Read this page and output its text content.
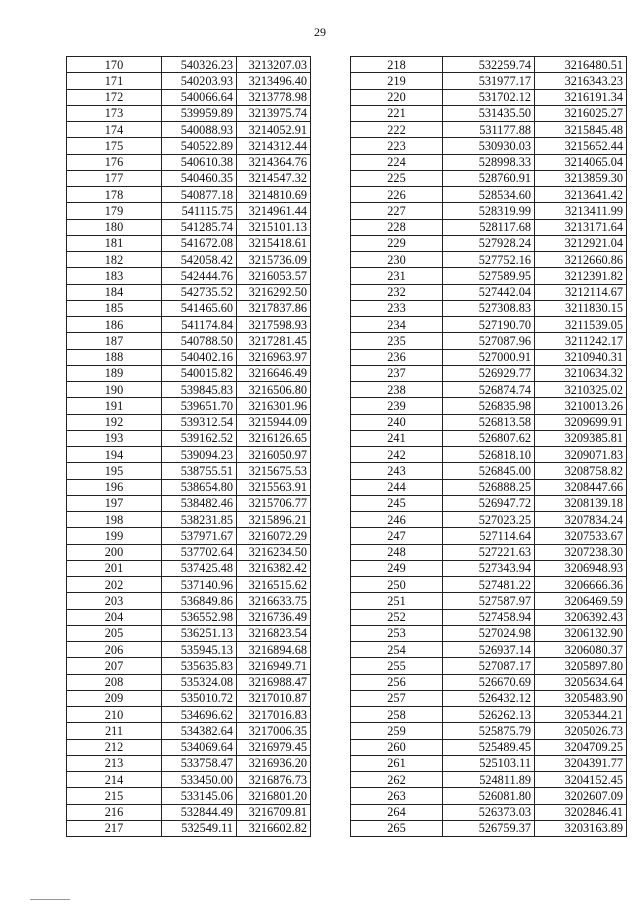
29
170	540326.23	3213207.03
171	540203.93	3213496.40
172	540066.64	3213778.98
173	539959.89	3213975.74
174	540088.93	3214052.91
175	540522.89	3214312.44
176	540610.38	3214364.76
177	540460.35	3214547.32
178	540877.18	3214810.69
179	541115.75	3214961.44
180	541285.74	3215101.13
181	541672.08	3215418.61
182	542058.42	3215736.09
183	542444.76	3216053.57
184	542735.52	3216292.50
185	541465.60	3217837.86
186	541174.84	3217598.93
187	540788.50	3217281.45
188	540402.16	3216963.97
189	540015.82	3216646.49
190	539845.83	3216506.80
191	539651.70	3216301.96
192	539312.54	3215944.09
193	539162.52	3216126.65
194	539094.23	3216050.97
195	538755.51	3215675.53
196	538654.80	3215563.91
197	538482.46	3215706.77
198	538231.85	3215896.21
199	537971.67	3216072.29
200	537702.64	3216234.50
201	537425.48	3216382.42
202	537140.96	3216515.62
203	536849.86	3216633.75
204	536552.98	3216736.49
205	536251.13	3216823.54
206	535945.13	3216894.68
207	535635.83	3216949.71
208	535324.08	3216988.47
209	535010.72	3217010.87
210	534696.62	3217016.83
211	534382.64	3217006.35
212	534069.64	3216979.45
213	533758.47	3216936.20
214	533450.00	3216876.73
215	533145.06	3216801.20
216	532844.49	3216709.81
217	532549.11	3216602.82
218	532259.74	3216480.51
219	531977.17	3216343.23
220	531702.12	3216191.34
221	531435.50	3216025.27
222	531177.88	3215845.48
223	530930.03	3215652.44
224	528998.33	3214065.04
225	528760.91	3213859.30
226	528534.60	3213641.42
227	528319.99	3213411.99
228	528117.68	3213171.64
229	527928.24	3212921.04
230	527752.16	3212660.86
231	527589.95	3212391.82
232	527442.04	3212114.67
233	527308.83	3211830.15
234	527190.70	3211539.05
235	527087.96	3211242.17
236	527000.91	3210940.31
237	526929.77	3210634.32
238	526874.74	3210325.02
239	526835.98	3210013.26
240	526813.58	3209699.91
241	526807.62	3209385.81
242	526818.10	3209071.83
243	526845.00	3208758.82
244	526888.25	3208447.66
245	526947.72	3208139.18
246	527023.25	3207834.24
247	527114.64	3207533.67
248	527221.63	3207238.30
249	527343.94	3206948.93
250	527481.22	3206666.36
251	527587.97	3206469.59
252	527458.94	3206392.43
253	527024.98	3206132.90
254	526937.14	3206080.37
255	527087.17	3205897.80
256	526670.69	3205634.64
257	526432.12	3205483.90
258	526262.13	3205344.21
259	525875.79	3205026.73
260	525489.45	3204709.25
261	525103.11	3204391.77
262	524811.89	3204152.45
263	526081.80	3202607.09
264	526373.03	3202846.41
265	526759.37	3203163.89
